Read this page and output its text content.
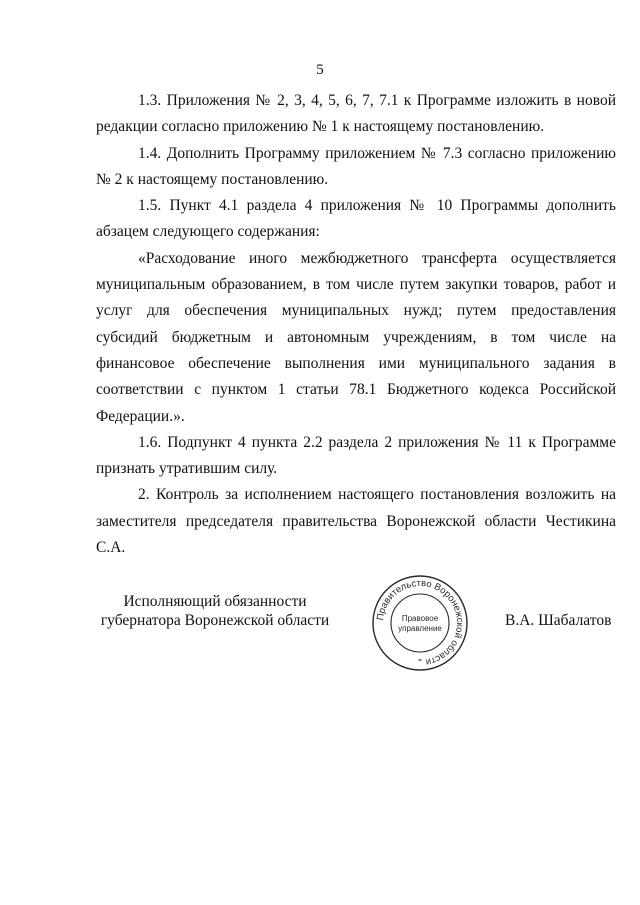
5

1.3. Приложения № 2, 3, 4, 5, 6, 7, 7.1 к Программе изложить в новой редакции согласно приложению № 1 к настоящему постановлению.

1.4. Дополнить Программу приложением № 7.3 согласно приложению № 2 к настоящему постановлению.

1.5. Пункт 4.1 раздела 4 приложения № 10 Программы дополнить абзацем следующего содержания:

«Расходование иного межбюджетного трансферта осуществляется муниципальным образованием, в том числе путем закупки товаров, работ и услуг для обеспечения муниципальных нужд; путем предоставления субсидий бюджетным и автономным учреждениям, в том числе на финансовое обеспечение выполнения ими муниципального задания в соответствии с пунктом 1 статьи 78.1 Бюджетного кодекса Российской Федерации.».

1.6. Подпункт 4 пункта 2.2 раздела 2 приложения № 11 к Программе признать утратившим силу.

2. Контроль за исполнением настоящего постановления возложить на заместителя председателя правительства Воронежской области Честикина С.А.

Исполняющий обязанности
губернатора Воронежской области	Правительство Воронежской области
Правовое
управление
*
В.А. Шабалатов
